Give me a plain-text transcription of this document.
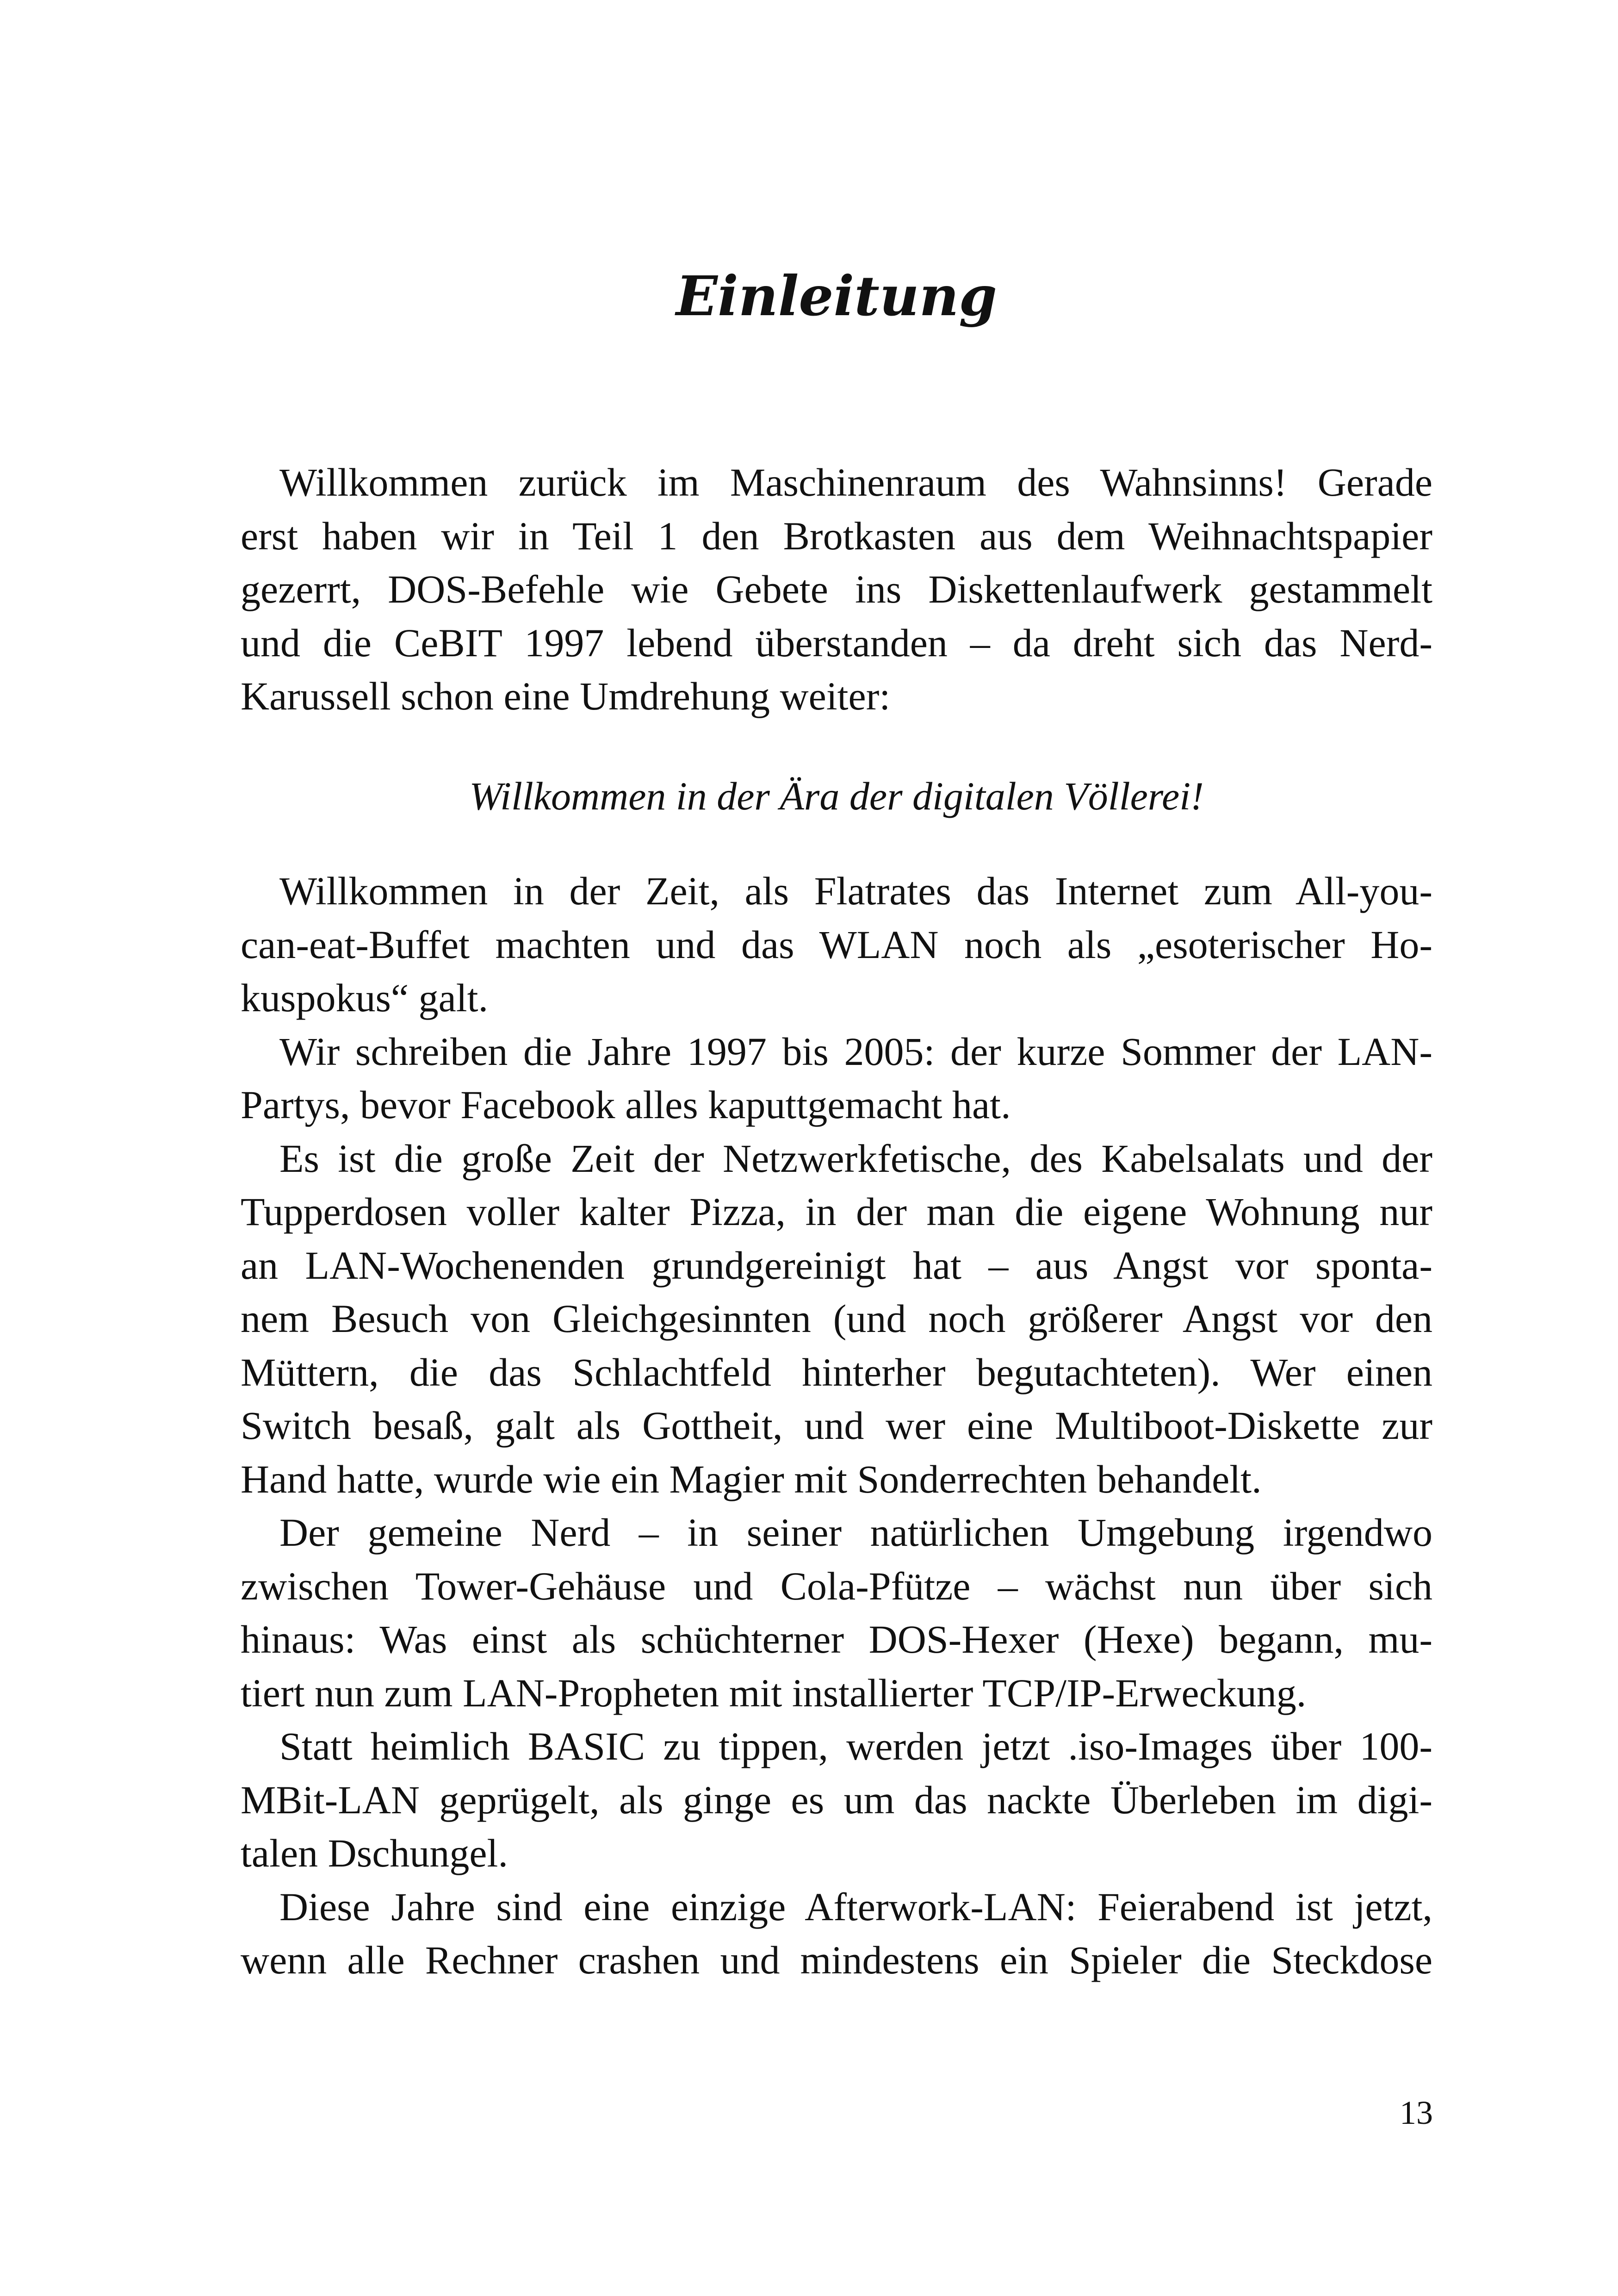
Einleitung

Willkommen zurück im Maschinenraum des Wahnsinns! Gerade
erst haben wir in Teil 1 den Brotkasten aus dem Weihnachtspapier
gezerrt, DOS-Befehle wie Gebete ins Diskettenlaufwerk gestammelt
und die CeBIT 1997 lebend überstanden – da dreht sich das Nerd-
Karussell schon eine Umdrehung weiter:

Willkommen in der Ära der digitalen Völlerei!

Willkommen in der Zeit, als Flatrates das Internet zum All-you-
can-eat-Buffet machten und das WLAN noch als „esoterischer Ho-
kuspokus“ galt.

Wir schreiben die Jahre 1997 bis 2005: der kurze Sommer der LAN-
Partys, bevor Facebook alles kaputtgemacht hat.

Es ist die große Zeit der Netzwerkfetische, des Kabelsalats und der
Tupperdosen voller kalter Pizza, in der man die eigene Wohnung nur
an LAN-Wochenenden grundgereinigt hat – aus Angst vor sponta-
nem Besuch von Gleichgesinnten (und noch größerer Angst vor den
Müttern, die das Schlachtfeld hinterher begutachteten). Wer einen
Switch besaß, galt als Gottheit, und wer eine Multiboot-Diskette zur
Hand hatte, wurde wie ein Magier mit Sonderrechten behandelt.

Der gemeine Nerd – in seiner natürlichen Umgebung irgendwo
zwischen Tower-Gehäuse und Cola-Pfütze – wächst nun über sich
hinaus: Was einst als schüchterner DOS-Hexer (Hexe) begann, mu-
tiert nun zum LAN-Propheten mit installierter TCP/IP-Erweckung.

Statt heimlich BASIC zu tippen, werden jetzt .iso-Images über 100-
MBit-LAN geprügelt, als ginge es um das nackte Überleben im digi-
talen Dschungel.

Diese Jahre sind eine einzige Afterwork-LAN: Feierabend ist jetzt,
wenn alle Rechner crashen und mindestens ein Spieler die Steckdose

13
